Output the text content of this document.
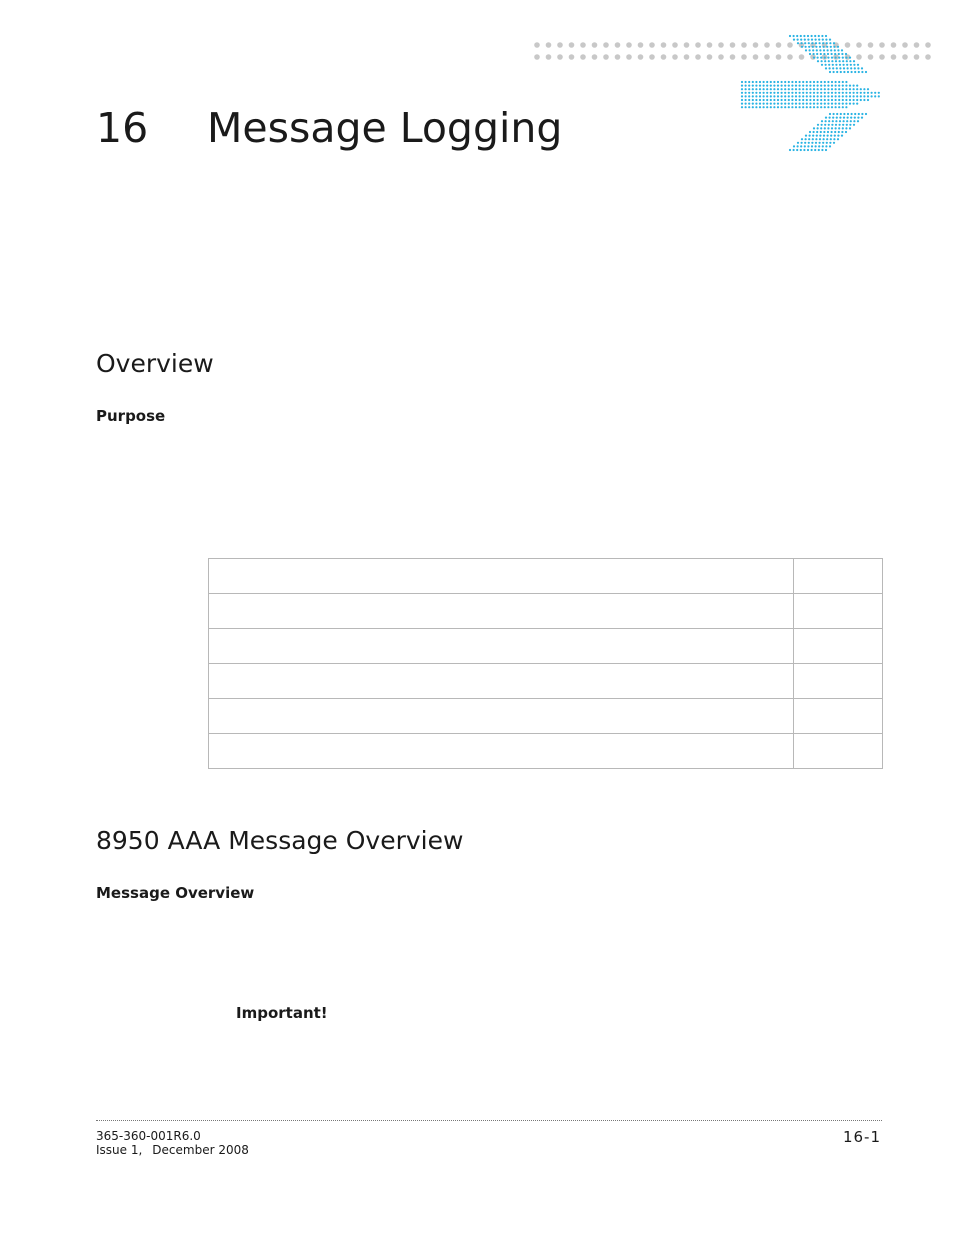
16 Message Logging
Overview
Purpose

8950 AAA Message Overview
Message Overview
Important!
365-360-001R6.0
Issue 1, December 2008
16-1
